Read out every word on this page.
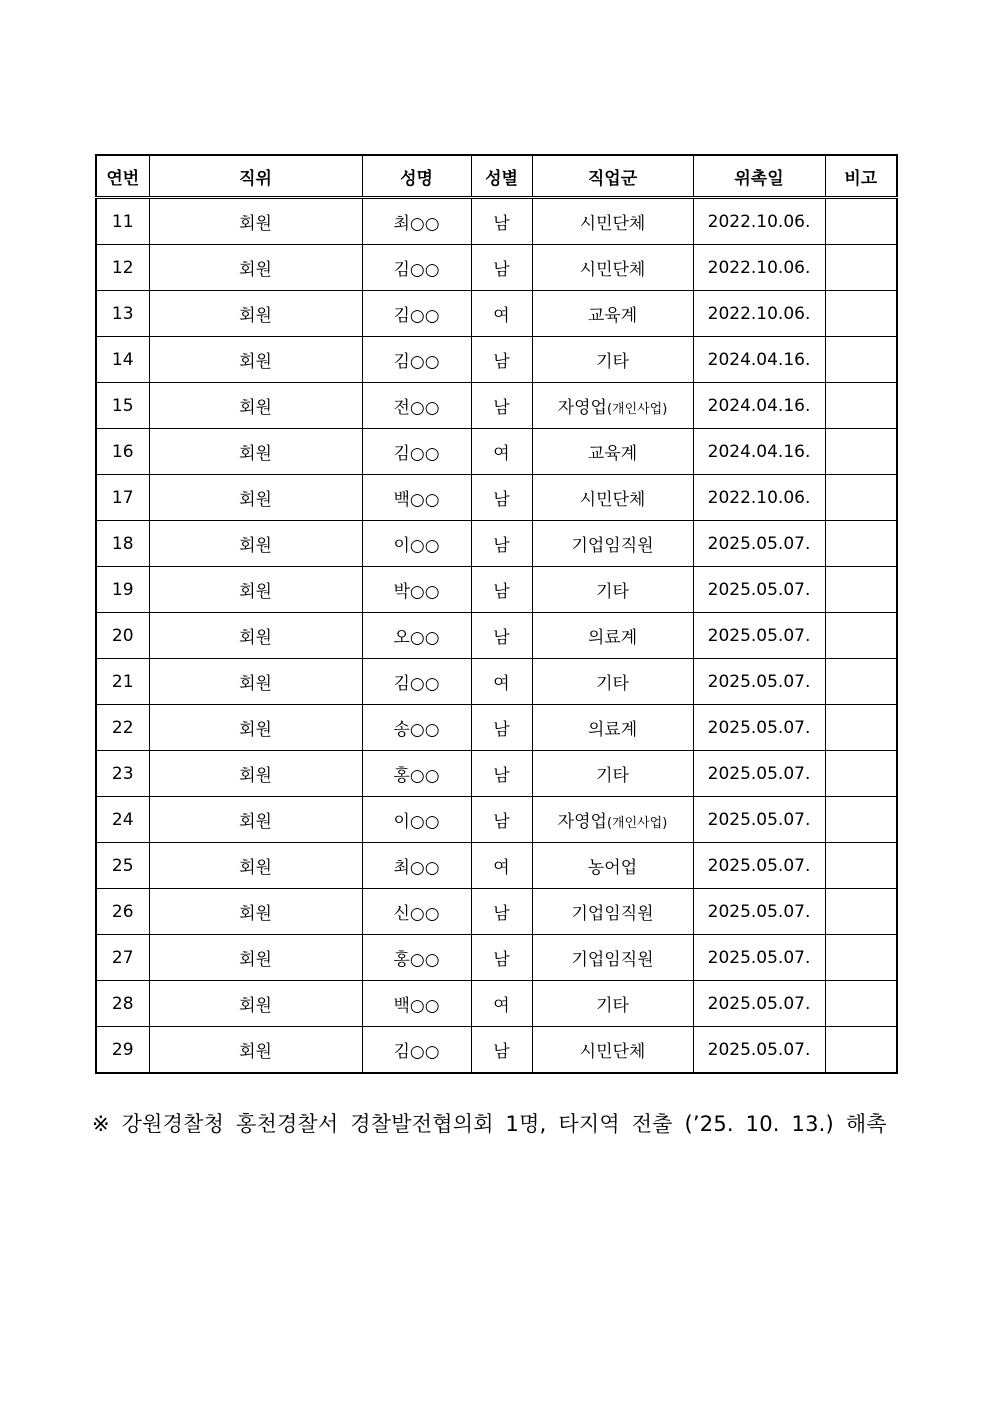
연번	직위	성명	성별	직업군	위촉일	비고
11	회원	최○○	남	시민단체	2022.10.06.	
12	회원	김○○	남	시민단체	2022.10.06.	
13	회원	김○○	여	교육계	2022.10.06.	
14	회원	김○○	남	기타	2024.04.16.	
15	회원	전○○	남	자영업(개인사업)	2024.04.16.	
16	회원	김○○	여	교육계	2024.04.16.	
17	회원	백○○	남	시민단체	2022.10.06.	
18	회원	이○○	남	기업임직원	2025.05.07.	
19	회원	박○○	남	기타	2025.05.07.	
20	회원	오○○	남	의료계	2025.05.07.	
21	회원	김○○	여	기타	2025.05.07.	
22	회원	송○○	남	의료계	2025.05.07.	
23	회원	홍○○	남	기타	2025.05.07.	
24	회원	이○○	남	자영업(개인사업)	2025.05.07.	
25	회원	최○○	여	농어업	2025.05.07.	
26	회원	신○○	남	기업임직원	2025.05.07.	
27	회원	홍○○	남	기업임직원	2025.05.07.	
28	회원	백○○	여	기타	2025.05.07.	
29	회원	김○○	남	시민단체	2025.05.07.	
※ 강원경찰청 홍천경찰서 경찰발전협의회 1명, 타지역 전출 (’25. 10. 13.) 해촉
